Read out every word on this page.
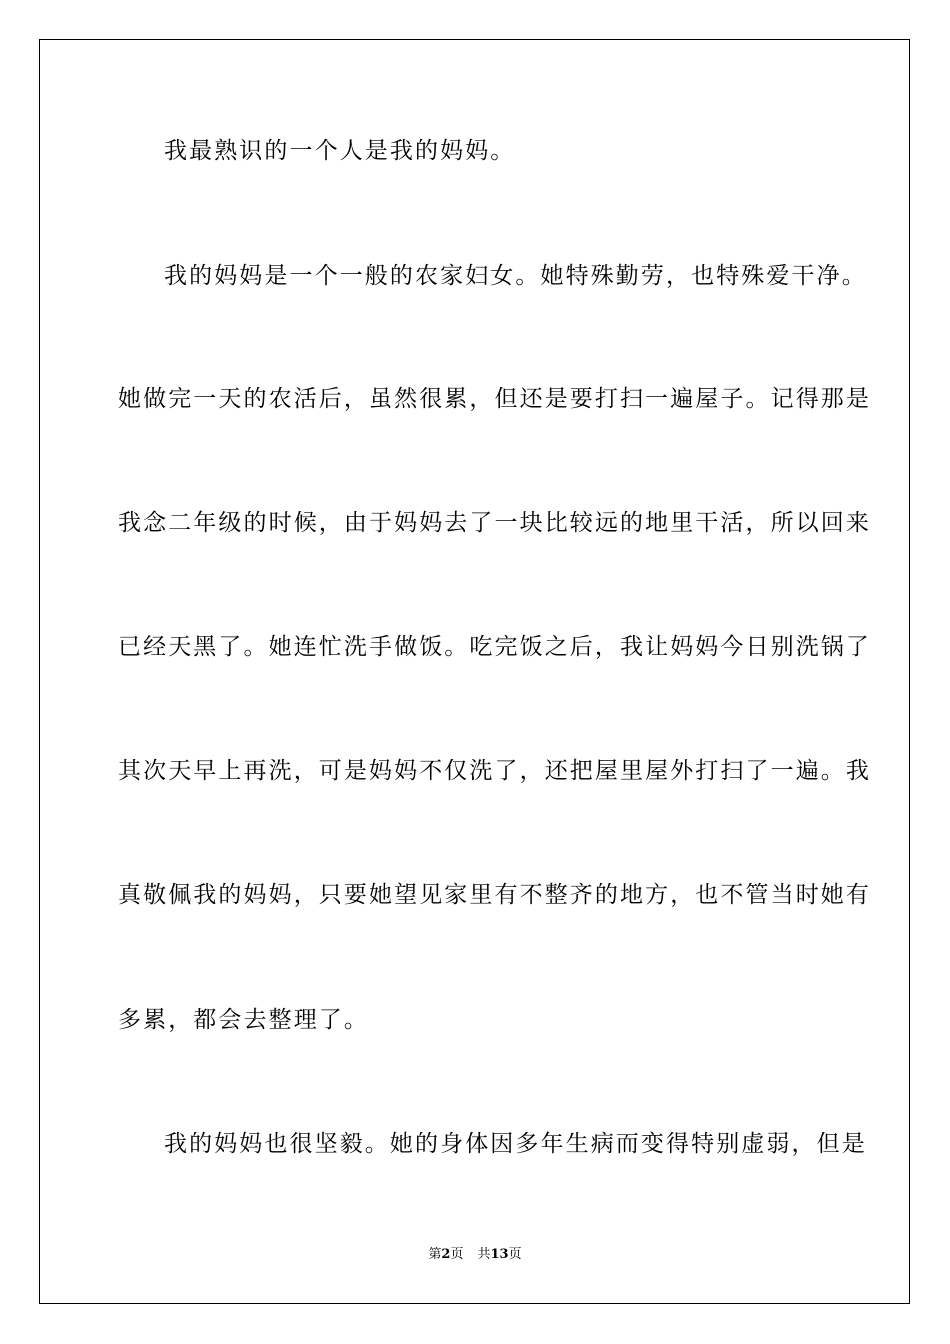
我最熟识的一个人是我的妈妈。
我的妈妈是一个一般的农家妇女。她特殊勤劳，也特殊爱干净。
她做完一天的农活后，虽然很累，但还是要打扫一遍屋子。记得那是
我念二年级的时候，由于妈妈去了一块比较远的地里干活，所以回来
已经天黑了。她连忙洗手做饭。吃完饭之后，我让妈妈今日别洗锅了
其次天早上再洗，可是妈妈不仅洗了，还把屋里屋外打扫了一遍。我
真敬佩我的妈妈，只要她望见家里有不整齐的地方，也不管当时她有
多累，都会去整理了。
我的妈妈也很坚毅。她的身体因多年生病而变得特别虚弱，但是
第2页 共13页
